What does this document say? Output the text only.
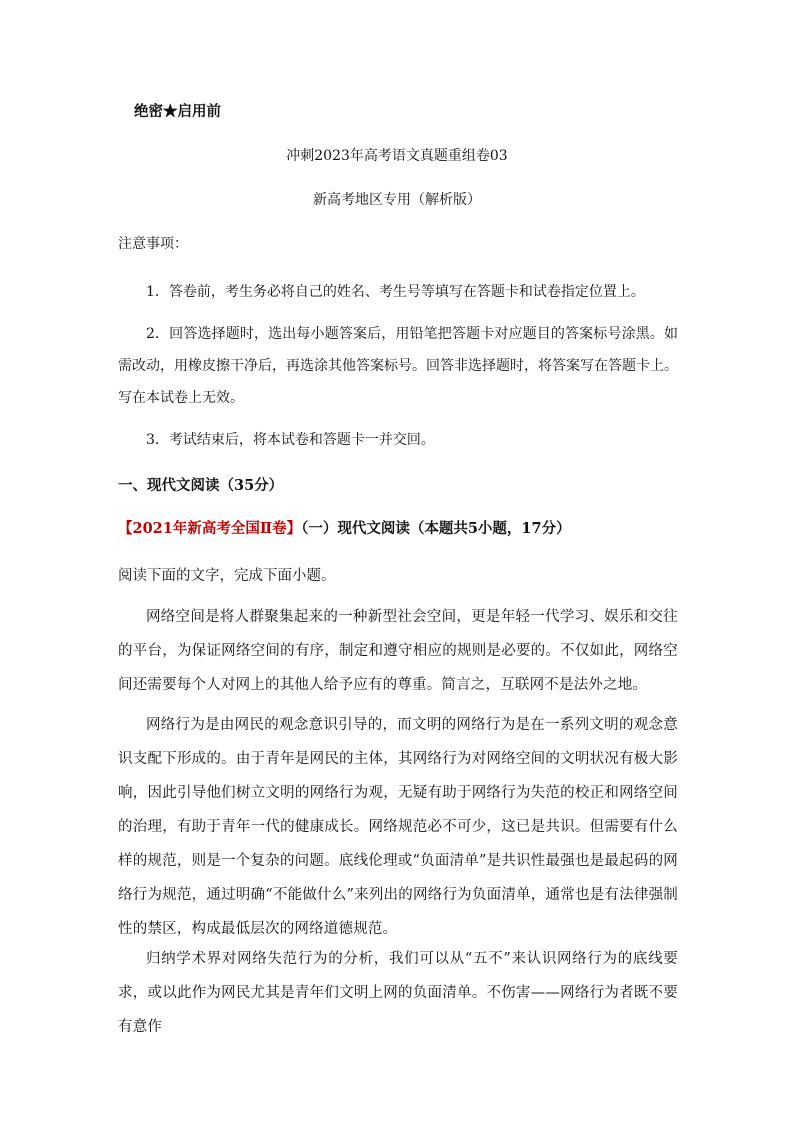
绝密★启用前
冲刺2023年高考语文真题重组卷03
新高考地区专用（解析版）
注意事项：
1．答卷前，考生务必将自己的姓名、考生号等填写在答题卡和试卷指定位置上。
2．回答选择题时，选出每小题答案后，用铅笔把答题卡对应题目的答案标号涂黑。如需改动，用橡皮擦干净后，再选涂其他答案标号。回答非选择题时，将答案写在答题卡上。写在本试卷上无效。
3．考试结束后，将本试卷和答题卡一并交回。
一、现代文阅读（35分）
【2021年新高考全国Ⅱ卷】（一）现代文阅读（本题共5小题，17分）
阅读下面的文字，完成下面小题。
网络空间是将人群聚集起来的一种新型社会空间，更是年轻一代学习、娱乐和交往的平台，为保证网络空间的有序，制定和遵守相应的规则是必要的。不仅如此，网络空间还需要每个人对网上的其他人给予应有的尊重。简言之，互联网不是法外之地。
网络行为是由网民的观念意识引导的，而文明的网络行为是在一系列文明的观念意识支配下形成的。由于青年是网民的主体，其网络行为对网络空间的文明状况有极大影响，因此引导他们树立文明的网络行为观，无疑有助于网络行为失范的校正和网络空间的治理，有助于青年一代的健康成长。网络规范必不可少，这已是共识。但需要有什么样的规范，则是一个复杂的问题。底线伦理或“负面清单”是共识性最强也是最起码的网络行为规范，通过明确“不能做什么”来列出的网络行为负面清单，通常也是有法律强制性的禁区，构成最低层次的网络道德规范。
归纳学术界对网络失范行为的分析，我们可以从“五不”来认识网络行为的底线要求，或以此作为网民尤其是青年们文明上网的负面清单。不伤害——网络行为者既不要有意作
